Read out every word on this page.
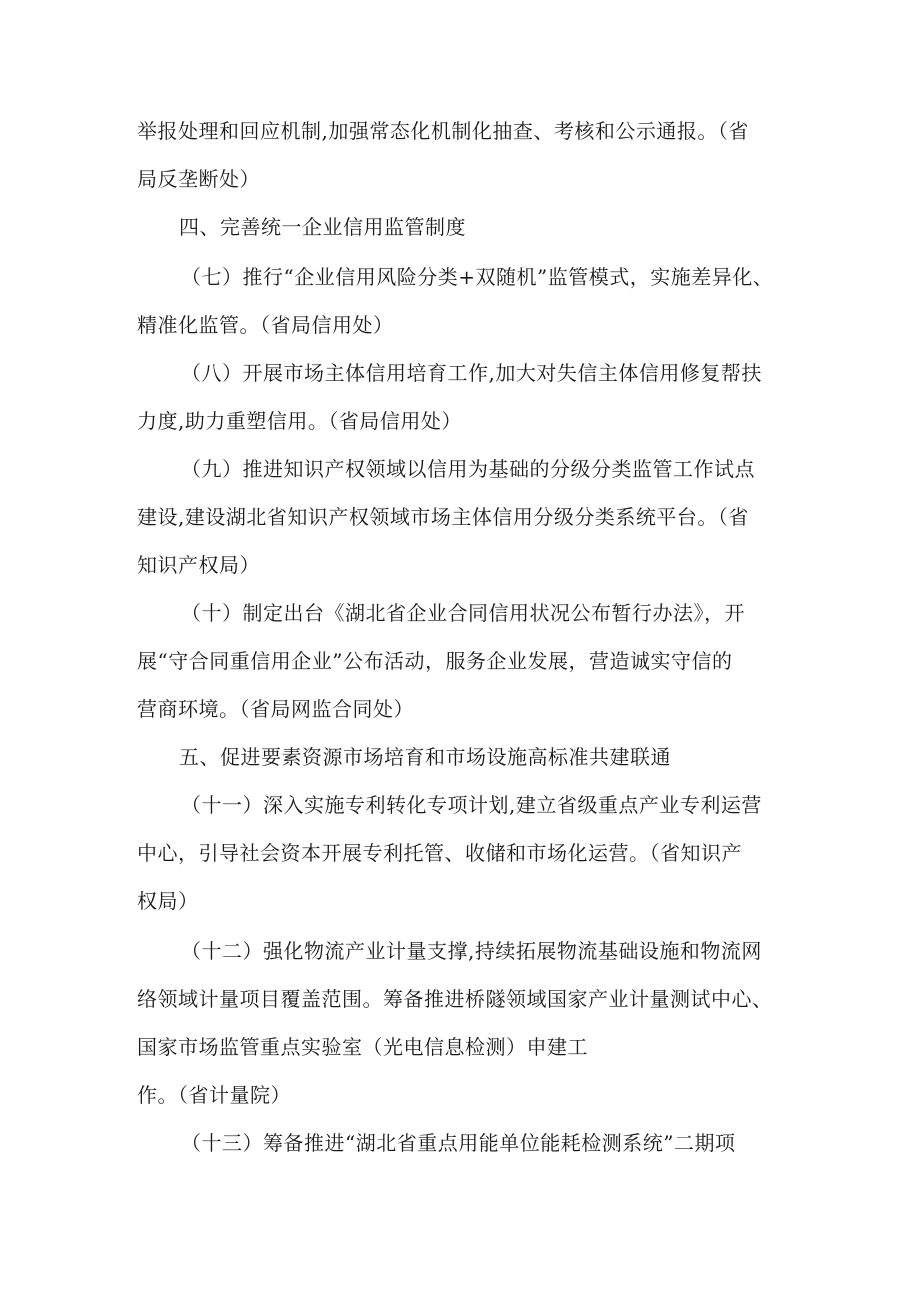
举报处理和回应机制,加强常态化机制化抽查、考核和公示通报。（省
局反垄断处）
四、完善统一企业信用监管制度
（七）推行“企业信用风险分类+双随机”监管模式，实施差异化、
精准化监管。（省局信用处）
（八）开展市场主体信用培育工作,加大对失信主体信用修复帮扶
力度,助力重塑信用。（省局信用处）
（九）推进知识产权领域以信用为基础的分级分类监管工作试点
建设,建设湖北省知识产权领域市场主体信用分级分类系统平台。（省
知识产权局）
（十）制定出台《湖北省企业合同信用状况公布暂行办法》，开
展“守合同重信用企业”公布活动，服务企业发展，营造诚实守信的
营商环境。（省局网监合同处）
五、促进要素资源市场培育和市场设施高标准共建联通
（十一）深入实施专利转化专项计划,建立省级重点产业专利运营
中心，引导社会资本开展专利托管、收储和市场化运营。（省知识产
权局）
（十二）强化物流产业计量支撑,持续拓展物流基础设施和物流网
络领域计量项目覆盖范围。筹备推进桥隧领域国家产业计量测试中心、
国家市场监管重点实验室（光电信息检测）申建工
作。（省计量院）
（十三）筹备推进“湖北省重点用能单位能耗检测系统”二期项
